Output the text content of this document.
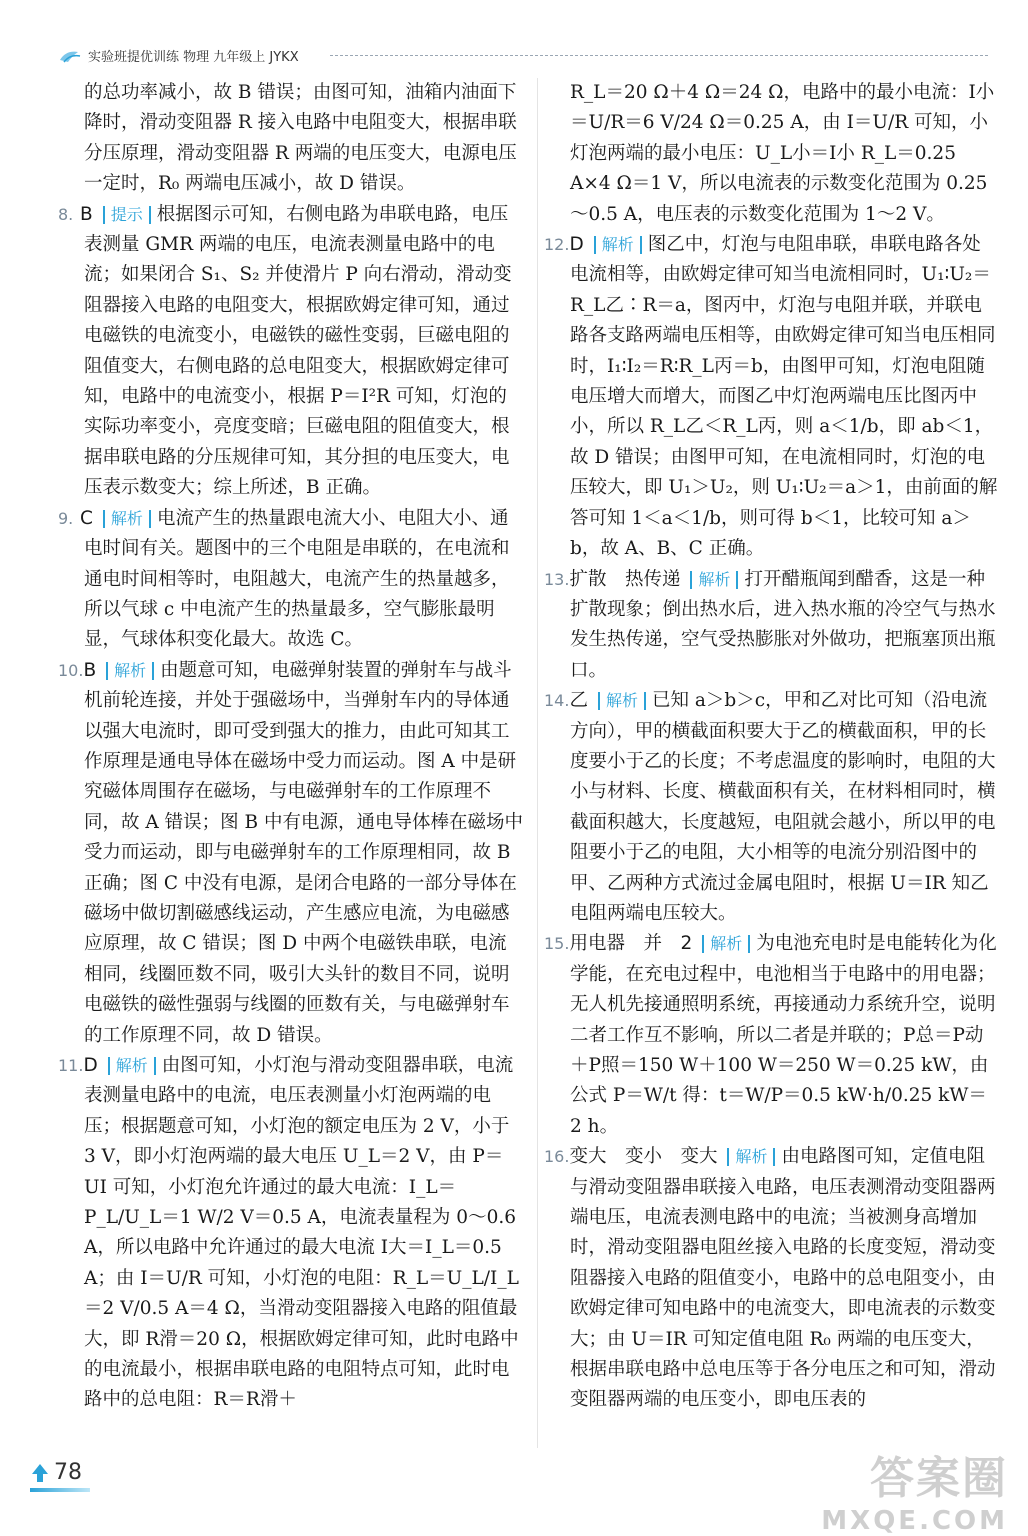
实验班提优训练 物理 九年级上 JYKX

的总功率减小，故 B 错误；由图可知，油箱内油面下降时，滑动变阻器 R 接入电路中电阻变大，根据串联分压原理，滑动变阻器 R 两端的电压变大，电源电压一定时，R₀ 两端电压减小，故 D 错误。

8. B 提示 根据图示可知，右侧电路为串联电路，电压表测量 GMR 两端的电压，电流表测量电路中的电流；如果闭合 S₁、S₂ 并使滑片 P 向右滑动，滑动变阻器接入电路的电阻变大，根据欧姆定律可知，通过电磁铁的电流变小，电磁铁的磁性变弱，巨磁电阻的阻值变大，右侧电路的总电阻变大，根据欧姆定律可知，电路中的电流变小，根据 P＝I²R 可知，灯泡的实际功率变小，亮度变暗；巨磁电阻的阻值变大，根据串联电路的分压规律可知，其分担的电压变大，电压表示数变大；综上所述，B 正确。

9. C 解析 电流产生的热量跟电流大小、电阻大小、通电时间有关。题图中的三个电阻是串联的，在电流和通电时间相等时，电阻越大，电流产生的热量越多，所以气球 c 中电流产生的热量最多，空气膨胀最明显，气球体积变化最大。故选 C。

10.B 解析 由题意可知，电磁弹射装置的弹射车与战斗机前轮连接，并处于强磁场中，当弹射车内的导体通以强大电流时，即可受到强大的推力，由此可知其工作原理是通电导体在磁场中受力而运动。图 A 中是研究磁体周围存在磁场，与电磁弹射车的工作原理不同，故 A 错误；图 B 中有电源，通电导体棒在磁场中受力而运动，即与电磁弹射车的工作原理相同，故 B 正确；图 C 中没有电源，是闭合电路的一部分导体在磁场中做切割磁感线运动，产生感应电流，为电磁感应原理，故 C 错误；图 D 中两个电磁铁串联，电流相同，线圈匝数不同，吸引大头针的数目不同，说明电磁铁的磁性强弱与线圈的匝数有关，与电磁弹射车的工作原理不同，故 D 错误。

11.D 解析 由图可知，小灯泡与滑动变阻器串联，电流表测量电路中的电流，电压表测量小灯泡两端的电压；根据题意可知，小灯泡的额定电压为 2 V，小于 3 V，即小灯泡两端的最大电压 U_L＝2 V，由 P＝UI 可知，小灯泡允许通过的最大电流：I_L＝P_L/U_L＝1 W/2 V＝0.5 A，电流表量程为 0～0.6 A，所以电路中允许通过的最大电流 I大＝I_L＝0.5 A；由 I＝U/R 可知，小灯泡的电阻：R_L＝U_L/I_L＝2 V/0.5 A＝4 Ω，当滑动变阻器接入电路的阻值最大，即 R滑＝20 Ω，根据欧姆定律可知，此时电路中的电流最小，根据串联电路的电阻特点可知，此时电路中的总电阻：R＝R滑＋

R_L＝20 Ω＋4 Ω＝24 Ω，电路中的最小电流：I小＝U/R＝6 V/24 Ω＝0.25 A，由 I＝U/R 可知，小灯泡两端的最小电压：U_L小＝I小 R_L＝0.25 A×4 Ω＝1 V，所以电流表的示数变化范围为 0.25～0.5 A，电压表的示数变化范围为 1～2 V。

12.D 解析 图乙中，灯泡与电阻串联，串联电路各处电流相等，由欧姆定律可知当电流相同时，U₁∶U₂＝R_L乙∶R＝a，图丙中，灯泡与电阻并联，并联电路各支路两端电压相等，由欧姆定律可知当电压相同时，I₁∶I₂＝R∶R_L丙＝b，由图甲可知，灯泡电阻随电压增大而增大，而图乙中灯泡两端电压比图丙中小，所以 R_L乙＜R_L丙，则 a＜1/b，即 ab＜1，故 D 错误；由图甲可知，在电流相同时，灯泡的电压较大，即 U₁＞U₂，则 U₁∶U₂＝a＞1，由前面的解答可知 1＜a＜1/b，则可得 b＜1，比较可知 a＞b，故 A、B、C 正确。

13.扩散　热传递 解析 打开醋瓶闻到醋香，这是一种扩散现象；倒出热水后，进入热水瓶的冷空气与热水发生热传递，空气受热膨胀对外做功，把瓶塞顶出瓶口。

14.乙 解析 已知 a＞b＞c，甲和乙对比可知（沿电流方向），甲的横截面积要大于乙的横截面积，甲的长度要小于乙的长度；不考虑温度的影响时，电阻的大小与材料、长度、横截面积有关，在材料相同时，横截面积越大，长度越短，电阻就会越小，所以甲的电阻要小于乙的电阻，大小相等的电流分别沿图中的甲、乙两种方式流过金属电阻时，根据 U＝IR 知乙电阻两端电压较大。

15.用电器　并　2 解析 为电池充电时是电能转化为化学能，在充电过程中，电池相当于电路中的用电器；无人机先接通照明系统，再接通动力系统升空，说明二者工作互不影响，所以二者是并联的；P总＝P动＋P照＝150 W＋100 W＝250 W＝0.25 kW，由公式 P＝W/t 得：t＝W/P＝0.5 kW·h/0.25 kW＝2 h。

16.变大　变小　变大 解析 由电路图可知，定值电阻与滑动变阻器串联接入电路，电压表测滑动变阻器两端电压，电流表测电路中的电流；当被测身高增加时，滑动变阻器电阻丝接入电路的长度变短，滑动变阻器接入电路的阻值变小，电路中的总电阻变小，由欧姆定律可知电路中的电流变大，即电流表的示数变大；由 U＝IR 可知定值电阻 R₀ 两端的电压变大，根据串联电路中总电压等于各分电压之和可知，滑动变阻器两端的电压变小，即电压表的

78	答案圈
MXQE.COM
